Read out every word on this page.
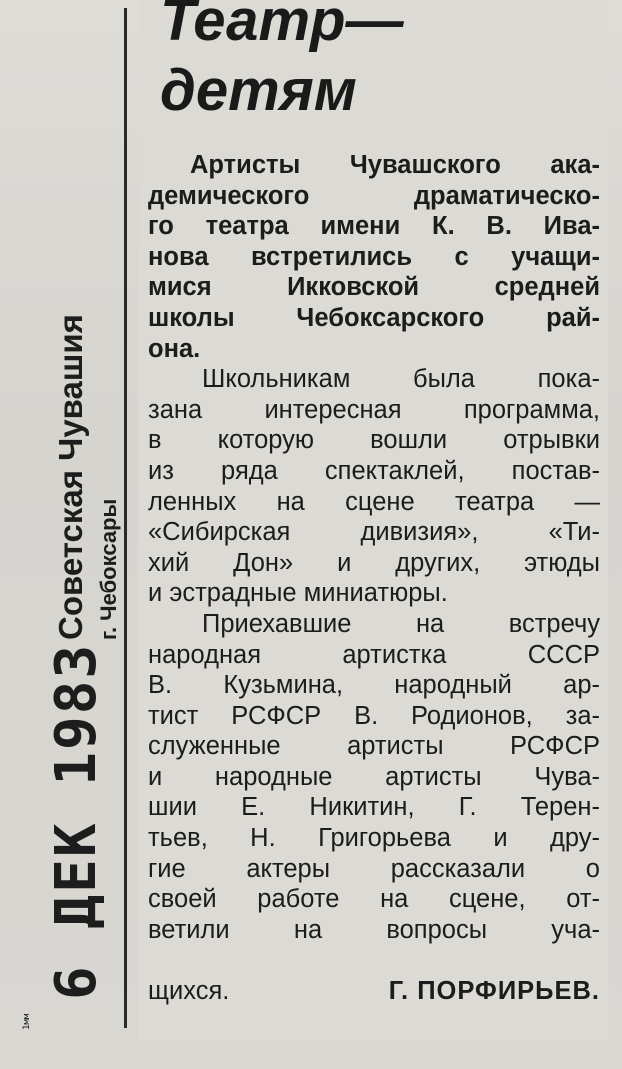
6 ДЕК 1983
Советская Чувашия г. Чебоксары
1мм
Театр—
детям

Артисты Чувашского ака-
демического драматическо-
го театра имени К. В. Ива-
нова встретились с учащи-
мися Икковской средней
школы Чебоксарского рай-
она.

Школьникам была пока-
зана интересная программа,
в которую вошли отрывки
из ряда спектаклей, постав-
ленных на сцене театра —
«Сибирская дивизия», «Ти-
хий Дон» и других, этюды
и эстрадные миниатюры.

Приехавшие на встречу
народная артистка СССР
В. Кузьмина, народный ар-
тист РСФСР В. Родионов, за-
служенные артисты РСФСР
и народные артисты Чува-
шии Е. Никитин, Г. Терен-
тьев, Н. Григорьева и дру-
гие актеры рассказали о
своей работе на сцене, от-
ветили на вопросы уча-

щихся.	Г. ПОРФИРЬЕВ.
